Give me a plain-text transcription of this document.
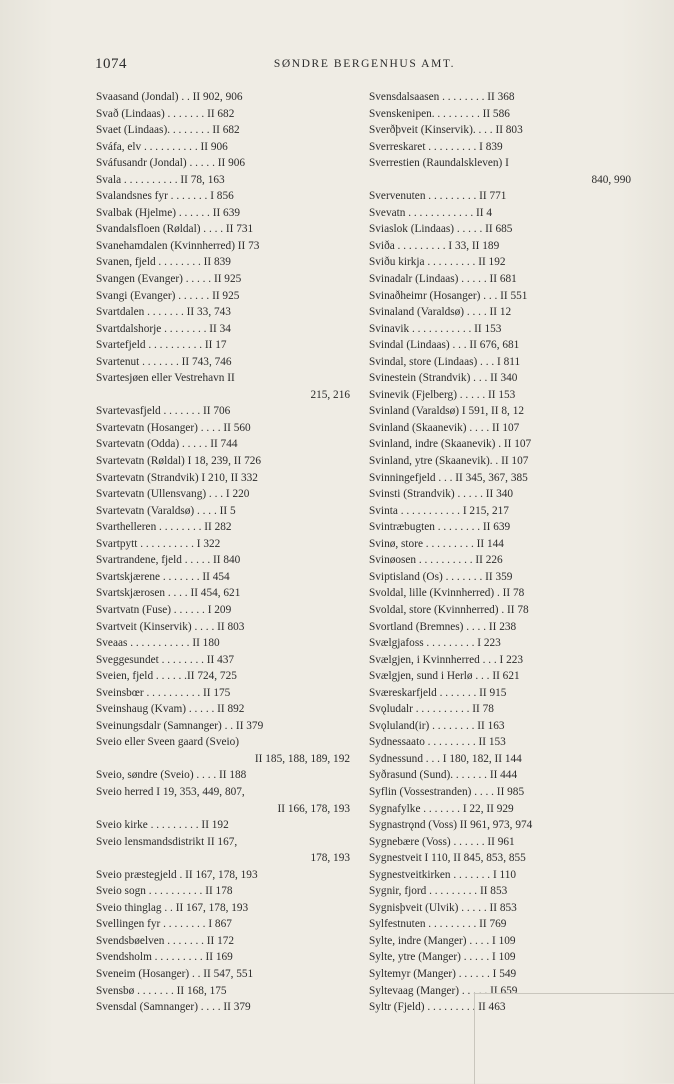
1074	SØNDRE BERGENHUS AMT.
Svaasand (Jondal) . . II 902, 906
Svað (Lindaas) . . . . . . . II 682
Svaet (Lindaas). . . . . . . . II 682
Sváfa, elv . . . . . . . . . . II 906
Sváfusandr (Jondal) . . . . . II 906
Svala . . . . . . . . . . II 78, 163
Svalandsnes fyr . . . . . . . I 856
Svalbak (Hjelme) . . . . . . II 639
Svandalsfloen (Røldal) . . . . II 731
Svanehamdalen (Kvinnherred) II 73
Svanen, fjeld . . . . . . . . II 839
Svangen (Evanger) . . . . . II 925
Svangi (Evanger) . . . . . . II 925
Svartdalen . . . . . . . II 33, 743
Svartdalshorje . . . . . . . . II 34
Svartefjeld . . . . . . . . . . II 17
Svartenut . . . . . . . II 743, 746
Svartesjøen eller Vestrehavn II
215, 216
Svartevasfjeld . . . . . . . II 706
Svartevatn (Hosanger) . . . . II 560
Svartevatn (Odda) . . . . . II 744
Svartevatn (Røldal) I 18, 239, II 726
Svartevatn (Strandvik) I 210, II 332
Svartevatn (Ullensvang) . . . I 220
Svartevatn (Varaldsø) . . . . II 5
Svarthelleren . . . . . . . . II 282
Svartpytt . . . . . . . . . . I 322
Svartrandene, fjeld . . . . . II 840
Svartskjærene . . . . . . . II 454
Svartskjærosen . . . . II 454, 621
Svartvatn (Fuse) . . . . . . I 209
Svartveit (Kinservik) . . . . II 803
Sveaas . . . . . . . . . . . II 180
Sveggesundet . . . . . . . . II 437
Sveien, fjeld . . . . . .II 724, 725
Sveinsbœr . . . . . . . . . . II 175
Sveinshaug (Kvam) . . . . . II 892
Sveinungsdalr (Samnanger) . . II 379
Sveio eller Sveen gaard (Sveio)
II 185, 188, 189, 192
Sveio, søndre (Sveio) . . . . II 188
Sveio herred I 19, 353, 449, 807,
II 166, 178, 193
Sveio kirke . . . . . . . . . II 192
Sveio lensmandsdistrikt II 167,
178, 193
Sveio præstegjeld . II 167, 178, 193
Sveio sogn . . . . . . . . . . II 178
Sveio thinglag . . II 167, 178, 193
Svellingen fyr . . . . . . . . I 867
Svendsbøelven . . . . . . . II 172
Svendsholm . . . . . . . . . II 169
Sveneim (Hosanger) . . II 547, 551
Svensbø . . . . . . . II 168, 175
Svensdal (Samnanger) . . . . II 379
Svensdalsaasen . . . . . . . . II 368
Svenskenipen. . . . . . . . . II 586
Sverðþveit (Kinservik). . . . II 803
Sverreskaret . . . . . . . . . I 839
Sverrestien (Raundalskleven) I
840, 990
Svervenuten . . . . . . . . . II 771
Svevatn . . . . . . . . . . . . II 4
Sviaslok (Lindaas) . . . . . II 685
Sviða . . . . . . . . . I 33, II 189
Sviðu kirkja . . . . . . . . . II 192
Svinadalr (Lindaas) . . . . . II 681
Svinaðheimr (Hosanger) . . . II 551
Svinaland (Varaldsø) . . . . II 12
Svinavik . . . . . . . . . . . II 153
Svindal (Lindaas) . . . II 676, 681
Svindal, store (Lindaas) . . . I 811
Svinestein (Strandvik) . . . II 340
Svinevik (Fjelberg) . . . . . II 153
Svinland (Varaldsø) I 591, II 8, 12
Svinland (Skaanevik) . . . . II 107
Svinland, indre (Skaanevik) . II 107
Svinland, ytre (Skaanevik). . II 107
Svinningefjeld . . . II 345, 367, 385
Svinsti (Strandvik) . . . . . II 340
Svinta . . . . . . . . . . . I 215, 217
Svintræbugten . . . . . . . . II 639
Svinø, store . . . . . . . . . II 144
Svinøosen . . . . . . . . . . II 226
Sviptisland (Os) . . . . . . . II 359
Svoldal, lille (Kvinnherred) . II 78
Svoldal, store (Kvinnherred) . II 78
Svortland (Bremnes) . . . . II 238
Svælgjafoss . . . . . . . . . I 223
Svælgjen, i Kvinnherred . . . I 223
Svælgjen, sund i Herlø . . . II 621
Sværeskarfjeld . . . . . . . II 915
Svǫludalr . . . . . . . . . . II 78
Svǫluland(ir) . . . . . . . . II 163
Sydnessaato . . . . . . . . . II 153
Sydnessund . . . I 180, 182, II 144
Syðrasund (Sund). . . . . . . II 444
Syflin (Vossestranden) . . . . II 985
Sygnafylke . . . . . . . I 22, II 929
Sygnastrǫnd (Voss) II 961, 973, 974
Sygnebære (Voss) . . . . . . II 961
Sygnestveit I 110, II 845, 853, 855
Sygnestveitkirken . . . . . . . I 110
Sygnir, fjord . . . . . . . . . II 853
Sygnisþveit (Ulvik) . . . . . II 853
Sylfestnuten . . . . . . . . . II 769
Sylte, indre (Manger) . . . . I 109
Sylte, ytre (Manger) . . . . . I 109
Syltemyr (Manger) . . . . . . I 549
Syltevaag (Manger) . . . . . II 659
Syltr (Fjeld) . . . . . . . . . II 463
